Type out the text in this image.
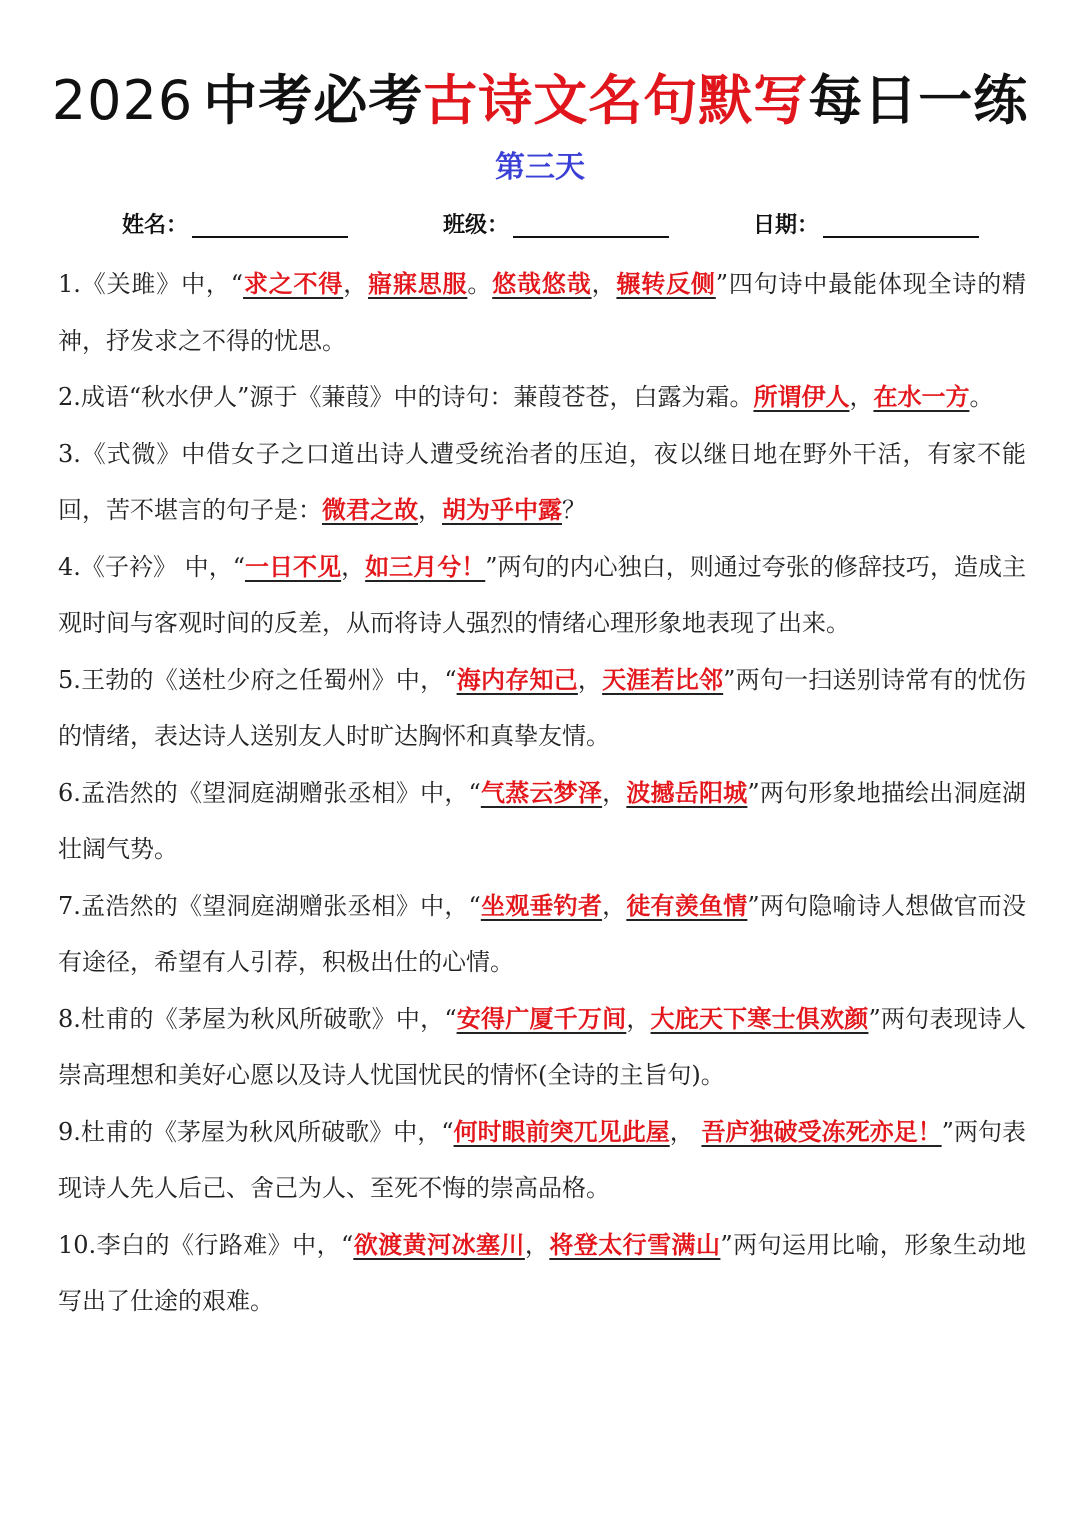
2026 中考必考古诗文名句默写每日一练
第三天
姓名：	班级：	日期：

1.《关雎》中，“求之不得，寤寐思服。悠哉悠哉，辗转反侧”四句诗中最能体现全诗的精神，抒发求之不得的忧思。

2.成语“秋水伊人”源于《蒹葭》中的诗句：蒹葭苍苍，白露为霜。所谓伊人，在水一方。

3.《式微》中借女子之口道出诗人遭受统治者的压迫，夜以继日地在野外干活，有家不能回，苦不堪言的句子是：微君之故，胡为乎中露？

4.《子衿》 中，“一日不见，如三月兮！”两句的内心独白，则通过夸张的修辞技巧，造成主观时间与客观时间的反差，从而将诗人强烈的情绪心理形象地表现了出来。

5.王勃的《送杜少府之任蜀州》中，“海内存知己，天涯若比邻”两句一扫送别诗常有的忧伤的情绪，表达诗人送别友人时旷达胸怀和真挚友情。

6.孟浩然的《望洞庭湖赠张丞相》中，“气蒸云梦泽，波撼岳阳城”两句形象地描绘出洞庭湖壮阔气势。

7.孟浩然的《望洞庭湖赠张丞相》中，“坐观垂钓者，徒有羡鱼情”两句隐喻诗人想做官而没有途径，希望有人引荐，积极出仕的心情。

8.杜甫的《茅屋为秋风所破歌》中，“安得广厦千万间，大庇天下寒士俱欢颜”两句表现诗人崇高理想和美好心愿以及诗人忧国忧民的情怀(全诗的主旨句)。

9.杜甫的《茅屋为秋风所破歌》中，“何时眼前突兀见此屋， 吾庐独破受冻死亦足！”两句表现诗人先人后己、舍己为人、至死不悔的崇高品格。

10.李白的《行路难》中，“欲渡黄河冰塞川，将登太行雪满山”两句运用比喻，形象生动地写出了仕途的艰难。
